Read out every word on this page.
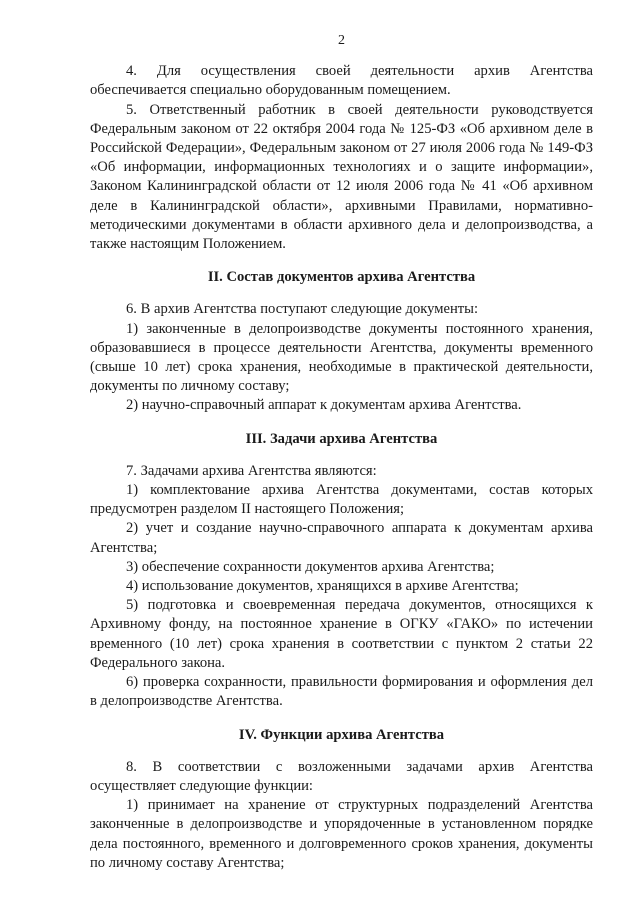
2

4. Для осуществления своей деятельности архив Агентства обеспечивается специально оборудованным помещением.

5. Ответственный работник в своей деятельности руководствуется Федеральным законом от 22 октября 2004 года № 125-ФЗ «Об архивном деле в Российской Федерации», Федеральным законом от 27 июля 2006 года № 149-ФЗ «Об информации, информационных технологиях и о защите информации», Законом Калининградской области от 12 июля 2006 года № 41 «Об архивном деле в Калининградской области», архивными Правилами, нормативно-методическими документами в области архивного дела и делопроизводства, а также настоящим Положением.

II. Состав документов архива Агентства

6. В архив Агентства поступают следующие документы:

1) законченные в делопроизводстве документы постоянного хранения, образовавшиеся в процессе деятельности Агентства, документы временного (свыше 10 лет) срока хранения, необходимые в практической деятельности, документы по личному составу;

2) научно-справочный аппарат к документам архива Агентства.

III. Задачи архива Агентства

7. Задачами архива Агентства являются:

1) комплектование архива Агентства документами, состав которых предусмотрен разделом II настоящего Положения;

2) учет и создание научно-справочного аппарата к документам архива Агентства;

3) обеспечение сохранности документов архива Агентства;

4) использование документов, хранящихся в архиве Агентства;

5) подготовка и своевременная передача документов, относящихся к Архивному фонду, на постоянное хранение в ОГКУ «ГАКО» по истечении временного (10 лет) срока хранения в соответствии с пунктом 2 статьи 22 Федерального закона.

6) проверка сохранности, правильности формирования и оформления дел в делопроизводстве Агентства.

IV. Функции архива Агентства

8. В соответствии с возложенными задачами архив Агентства осуществляет следующие функции:

1) принимает на хранение от структурных подразделений Агентства законченные в делопроизводстве и упорядоченные в установленном порядке дела постоянного, временного и долговременного сроков хранения, документы по личному составу Агентства;
